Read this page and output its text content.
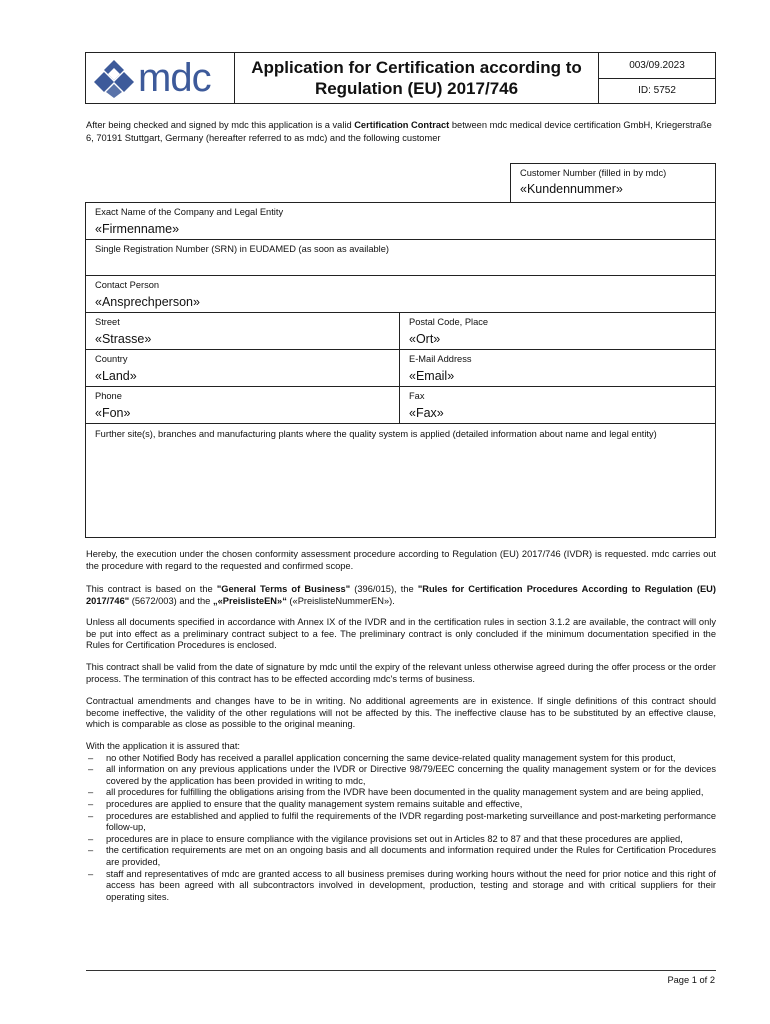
mdc Application for Certification according to
Regulation (EU) 2017/746
003/09.2023
ID: 5752
After being checked and signed by mdc this application is a valid Certification Contract between mdc medical device certification GmbH, Kriegerstraße 6, 70191 Stuttgart, Germany (hereafter referred to as mdc) and the following customer
Customer Number (filled in by mdc)
«Kundennummer»
Exact Name of the Company and Legal Entity
«Firmenname»
Single Registration Number (SRN) in EUDAMED (as soon as available)
Contact Person
«Ansprechperson»
Street
«Strasse»
Postal Code, Place
«Ort»
Country
«Land»
E-Mail Address
«Email»
Phone
«Fon»
Fax
«Fax»
Further site(s), branches and manufacturing plants where the quality system is applied (detailed information about name and legal entity)

Hereby, the execution under the chosen conformity assessment procedure according to Regulation (EU) 2017/746 (IVDR) is requested. mdc carries out the procedure with regard to the requested and confirmed scope.

This contract is based on the "General Terms of Business" (396/015), the "Rules for Certification Procedures According to Regulation (EU) 2017/746" (5672/003) and the „«PreislisteEN»“ («PreislisteNummerEN»).

Unless all documents specified in accordance with Annex IX of the IVDR and in the certification rules in section 3.1.2 are available, the contract will only be put into effect as a preliminary contract subject to a fee. The preliminary contract is only concluded if the minimum documentation specified in the Rules for Certification Procedures is enclosed.

This contract shall be valid from the date of signature by mdc until the expiry of the relevant unless otherwise agreed during the offer process or the order process. The termination of this contract has to be effected according mdc's terms of business.

Contractual amendments and changes have to be in writing. No additional agreements are in existence. If single definitions of this contract should become ineffective, the validity of the other regulations will not be affected by this. The ineffective clause has to be substituted by an effective clause, which is comparable as close as possible to the original meaning.

With the application it is assured that:

– no other Notified Body has received a parallel application concerning the same device-related quality management system for this product,
– all information on any previous applications under the IVDR or Directive 98/79/EEC concerning the quality management system or for the devices covered by the application has been provided in writing to mdc,
– all procedures for fulfilling the obligations arising from the IVDR have been documented in the quality management system and are being applied,
– procedures are applied to ensure that the quality management system remains suitable and effective,
– procedures are established and applied to fulfil the requirements of the IVDR regarding post-marketing surveillance and post-marketing performance follow-up,
– procedures are in place to ensure compliance with the vigilance provisions set out in Articles 82 to 87 and that these procedures are applied,
– the certification requirements are met on an ongoing basis and all documents and information required under the Rules for Certification Procedures are provided,
– staff and representatives of mdc are granted access to all business premises during working hours without the need for prior notice and this right of access has been agreed with all subcontractors involved in development, production, testing and storage and with critical suppliers for their operating sites.
Page 1 of 2
